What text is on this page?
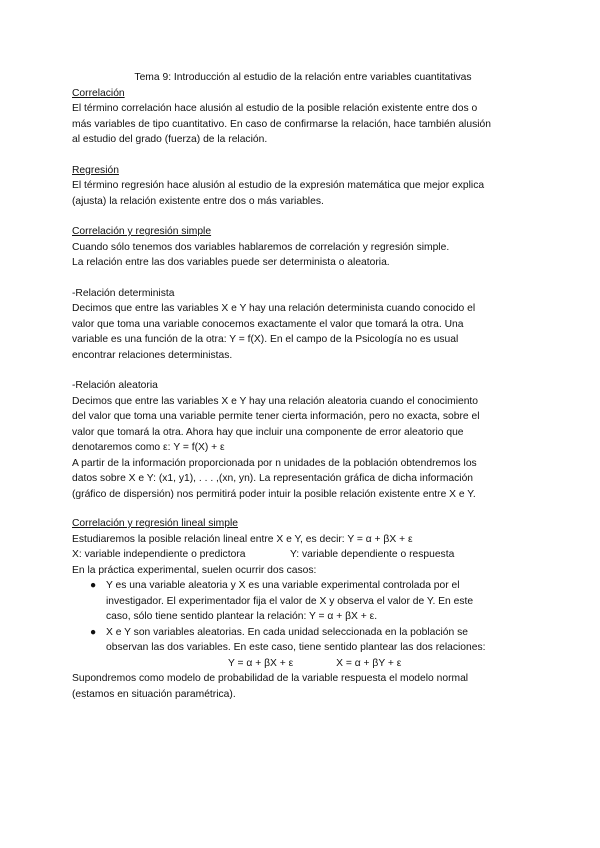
Tema 9: Introducción al estudio de la relación entre variables cuantitativas

Correlación

El término correlación hace alusión al estudio de la posible relación existente entre dos o

más variables de tipo cuantitativo. En caso de confirmarse la relación, hace también alusión

al estudio del grado (fuerza) de la relación.

Regresión

El término regresión hace alusión al estudio de la expresión matemática que mejor explica

(ajusta) la relación existente entre dos o más variables.

Correlación y regresión simple

Cuando sólo tenemos dos variables hablaremos de correlación y regresión simple.

La relación entre las dos variables puede ser determinista o aleatoria.

-Relación determinista

Decimos que entre las variables X e Y hay una relación determinista cuando conocido el

valor que toma una variable conocemos exactamente el valor que tomará la otra. Una

variable es una función de la otra: Y = f(X). En el campo de la Psicología no es usual

encontrar relaciones deterministas.

-Relación aleatoria

Decimos que entre las variables X e Y hay una relación aleatoria cuando el conocimiento

del valor que toma una variable permite tener cierta información, pero no exacta, sobre el

valor que tomará la otra. Ahora hay que incluir una componente de error aleatorio que

denotaremos como ε: Y = f(X) + ε

A partir de la información proporcionada por n unidades de la población obtendremos los

datos sobre X e Y: (x1, y1), . . . ,(xn, yn). La representación gráfica de dicha información

(gráfico de dispersión) nos permitirá poder intuir la posible relación existente entre X e Y.

Correlación y regresión lineal simple

Estudiaremos la posible relación lineal entre X e Y, es decir: Y = α + βX + ε

X: variable independiente o predictora	Y: variable dependiente o respuesta

En la práctica experimental, suelen ocurrir dos casos:

● Y es una variable aleatoria y X es una variable experimental controlada por el
investigador. El experimentador fija el valor de X y observa el valor de Y. En este
caso, sólo tiene sentido plantear la relación: Y = α + βX + ε.
● X e Y son variables aleatorias. En cada unidad seleccionada en la población se
observan las dos variables. En este caso, tiene sentido plantear las dos relaciones:
Y = α + βX + ε	X = α + βY + ε

Supondremos como modelo de probabilidad de la variable respuesta el modelo normal

(estamos en situación paramétrica).
